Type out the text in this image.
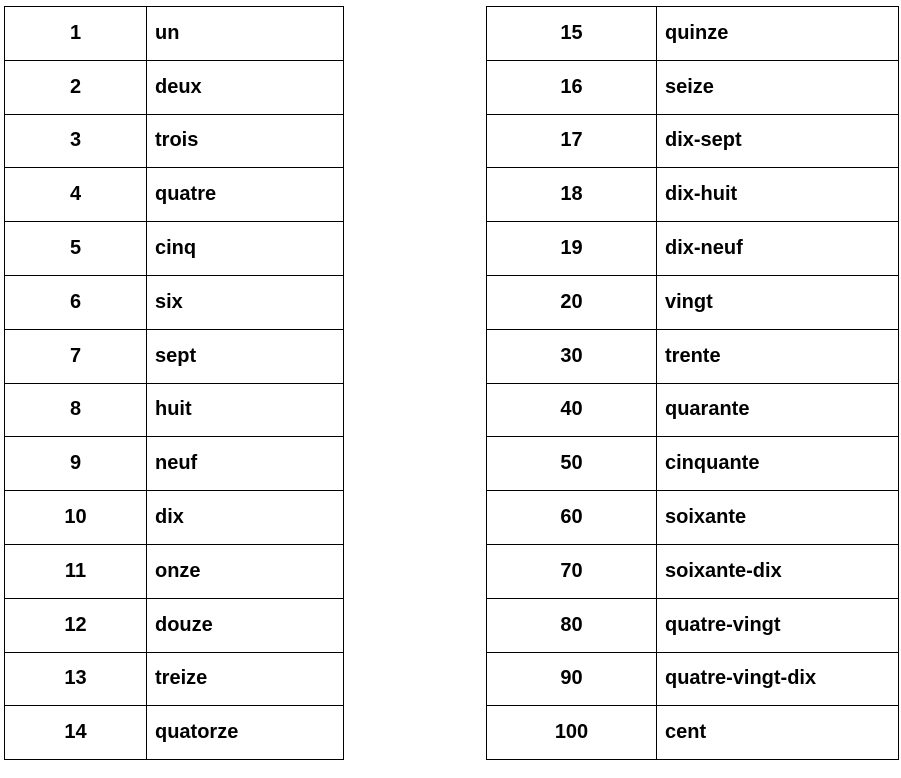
1	un
2	deux
3	trois
4	quatre
5	cinq
6	six
7	sept
8	huit
9	neuf
10	dix
11	onze
12	douze
13	treize
14	quatorze
15	quinze
16	seize
17	dix-sept
18	dix-huit
19	dix-neuf
20	vingt
30	trente
40	quarante
50	cinquante
60	soixante
70	soixante-dix
80	quatre-vingt
90	quatre-vingt-dix
100	cent
